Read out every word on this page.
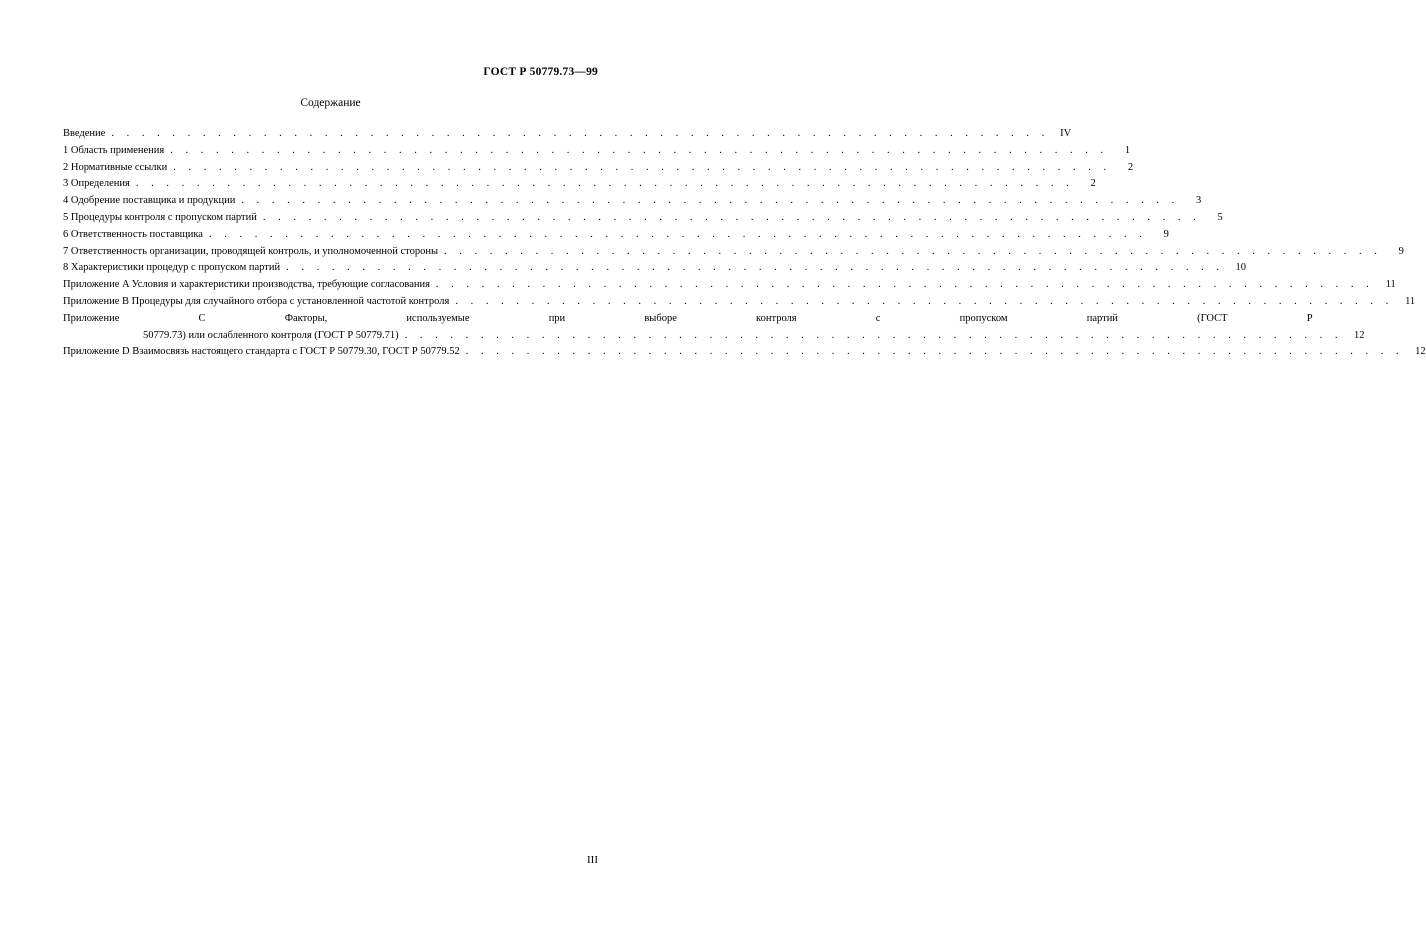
ГОСТ Р 50779.73—99
Содержание
Введение . . . . . . . . . . . . . . . . . . . . . . . . . . . . . . . . . . . . . . . . . . . . . . . . . . . . . . . . . . . . . .	IV
1 Область применения . . . . . . . . . . . . . . . . . . . . . . . . . . . . . . . . . . . . . . . . . . . . . . . . . . . . . . . . . . . . . .	1
2 Нормативные ссылки . . . . . . . . . . . . . . . . . . . . . . . . . . . . . . . . . . . . . . . . . . . . . . . . . . . . . . . . . . . . . .	2
3 Определения . . . . . . . . . . . . . . . . . . . . . . . . . . . . . . . . . . . . . . . . . . . . . . . . . . . . . . . . . . . . . .	2
4 Одобрение поставщика и продукции . . . . . . . . . . . . . . . . . . . . . . . . . . . . . . . . . . . . . . . . . . . . . . . . . . . . . . . . . . . . . .	3
5 Процедуры контроля с пропуском партий . . . . . . . . . . . . . . . . . . . . . . . . . . . . . . . . . . . . . . . . . . . . . . . . . . . . . . . . . . . . . .	5
6 Ответственность поставщика . . . . . . . . . . . . . . . . . . . . . . . . . . . . . . . . . . . . . . . . . . . . . . . . . . . . . . . . . . . . . .	9
7 Ответственность организации, проводящей контроль, и уполномоченной стороны . . . . . . . . . . . . . . . . . . . . . . . . . . . . . . . . . . . . . . . . . . . . . . . . . . . . . . . . . . . . . .	9
8 Характеристики процедур с пропуском партий . . . . . . . . . . . . . . . . . . . . . . . . . . . . . . . . . . . . . . . . . . . . . . . . . . . . . . . . . . . . . .	10
Приложение A Условия и характеристики производства, требующие согласования . . . . . . . . . . . . . . . . . . . . . . . . . . . . . . . . . . . . . . . . . . . . . . . . . . . . . . . . . . . . . .	11
Приложение B Процедуры для случайного отбора с установленной частотой контроля . . . . . . . . . . . . . . . . . . . . . . . . . . . . . . . . . . . . . . . . . . . . . . . . . . . . . . . . . . . . . .	11
Приложение C Факторы, используемые при выборе контроля с пропуском партий (ГОСТ Р
50779.73) или ослабленного контроля (ГОСТ Р 50779.71) . . . . . . . . . . . . . . . . . . . . . . . . . . . . . . . . . . . . . . . . . . . . . . . . . . . . . . . . . . . . . .	12
Приложение D Взаимосвязь настоящего стандарта с ГОСТ Р 50779.30, ГОСТ Р 50779.52 . . . . . . . . . . . . . . . . . . . . . . . . . . . . . . . . . . . . . . . . . . . . . . . . . . . . . . . . . . . . . .	12
III
